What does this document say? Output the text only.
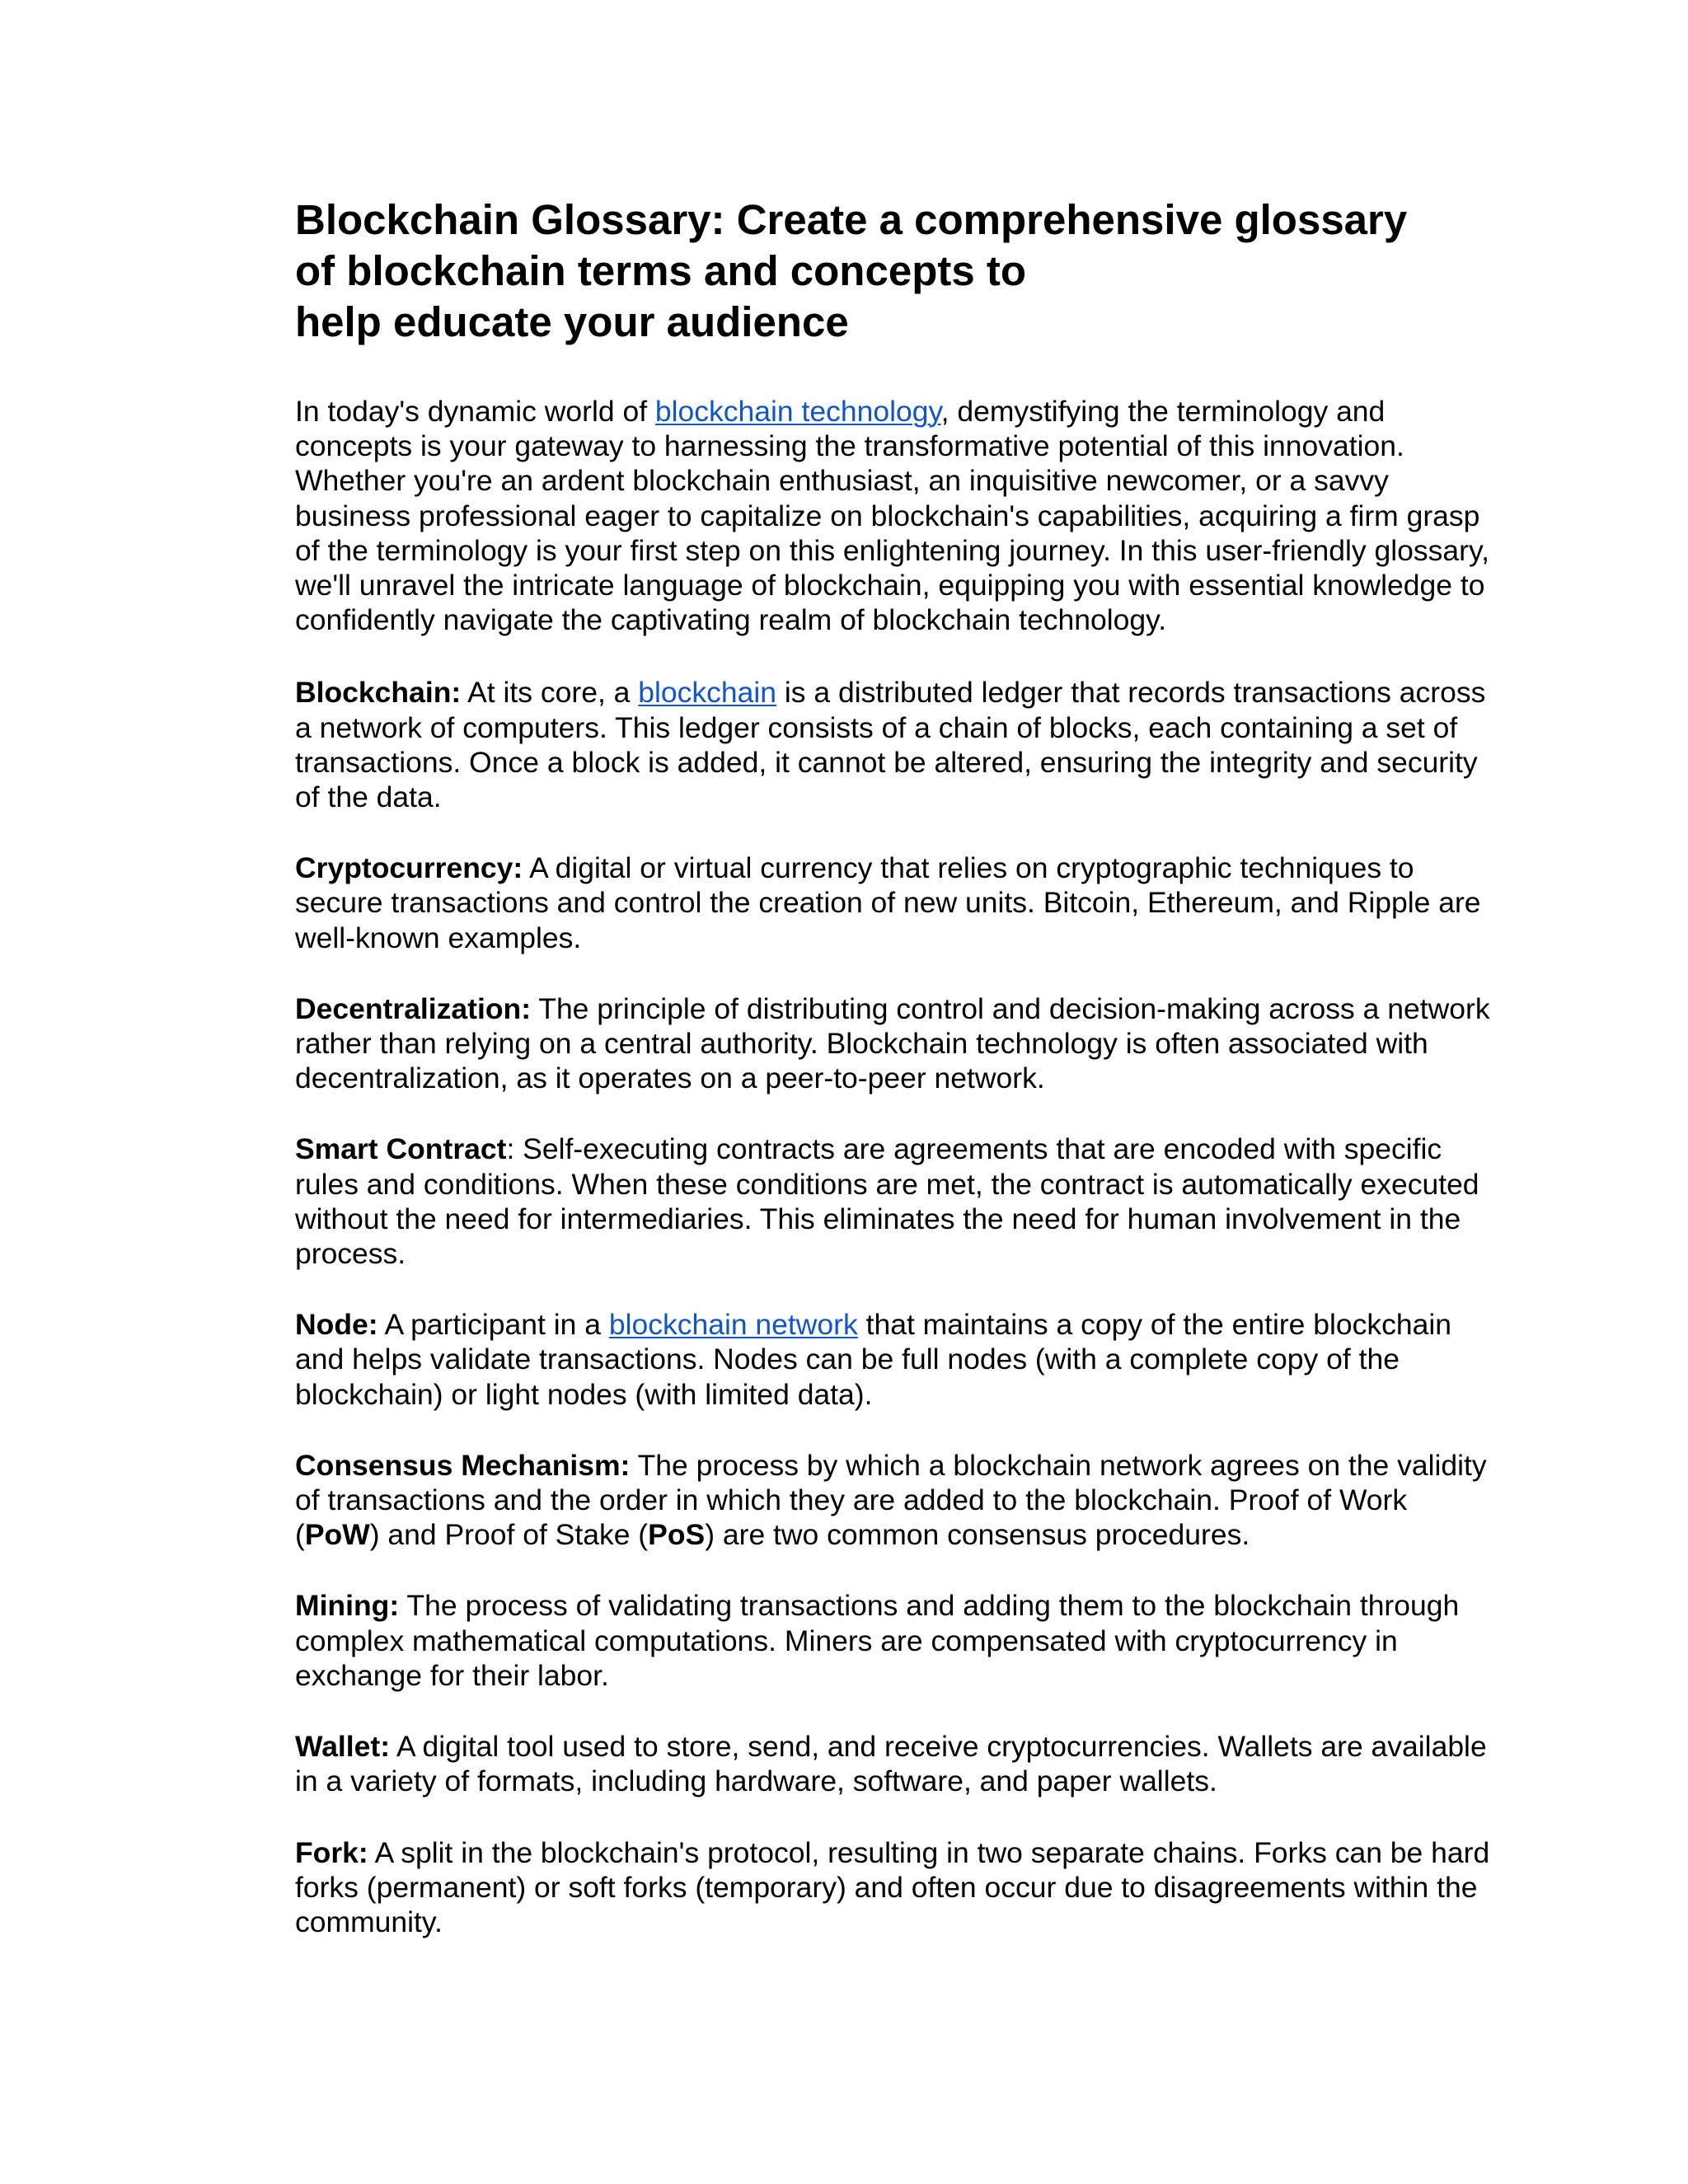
Blockchain Glossary: Create a comprehensive glossary
of blockchain terms and concepts to
help educate your audience

In today's dynamic world of blockchain technology, demystifying the terminology and concepts is your gateway to harnessing the transformative potential of this innovation. Whether you're an ardent blockchain enthusiast, an inquisitive newcomer, or a savvy business professional eager to capitalize on blockchain's capabilities, acquiring a firm grasp of the terminology is your first step on this enlightening journey. In this user-friendly glossary, we'll unravel the intricate language of blockchain, equipping you with essential knowledge to confidently navigate the captivating realm of blockchain technology.

Blockchain: At its core, a blockchain is a distributed ledger that records transactions across a network of computers. This ledger consists of a chain of blocks, each containing a set of transactions. Once a block is added, it cannot be altered, ensuring the integrity and security of the data.

Cryptocurrency: A digital or virtual currency that relies on cryptographic techniques to secure transactions and control the creation of new units. Bitcoin, Ethereum, and Ripple are well-known examples.

Decentralization: The principle of distributing control and decision-making across a network rather than relying on a central authority. Blockchain technology is often associated with decentralization, as it operates on a peer-to-peer network.

Smart Contract: Self-executing contracts are agreements that are encoded with specific rules and conditions. When these conditions are met, the contract is automatically executed without the need for intermediaries. This eliminates the need for human involvement in the process.

Node: A participant in a blockchain network that maintains a copy of the entire blockchain and helps validate transactions. Nodes can be full nodes (with a complete copy of the blockchain) or light nodes (with limited data).

Consensus Mechanism: The process by which a blockchain network agrees on the validity of transactions and the order in which they are added to the blockchain. Proof of Work (PoW) and Proof of Stake (PoS) are two common consensus procedures.

Mining: The process of validating transactions and adding them to the blockchain through complex mathematical computations. Miners are compensated with cryptocurrency in exchange for their labor.

Wallet: A digital tool used to store, send, and receive cryptocurrencies. Wallets are available in a variety of formats, including hardware, software, and paper wallets.

Fork: A split in the blockchain's protocol, resulting in two separate chains. Forks can be hard forks (permanent) or soft forks (temporary) and often occur due to disagreements within the community.
